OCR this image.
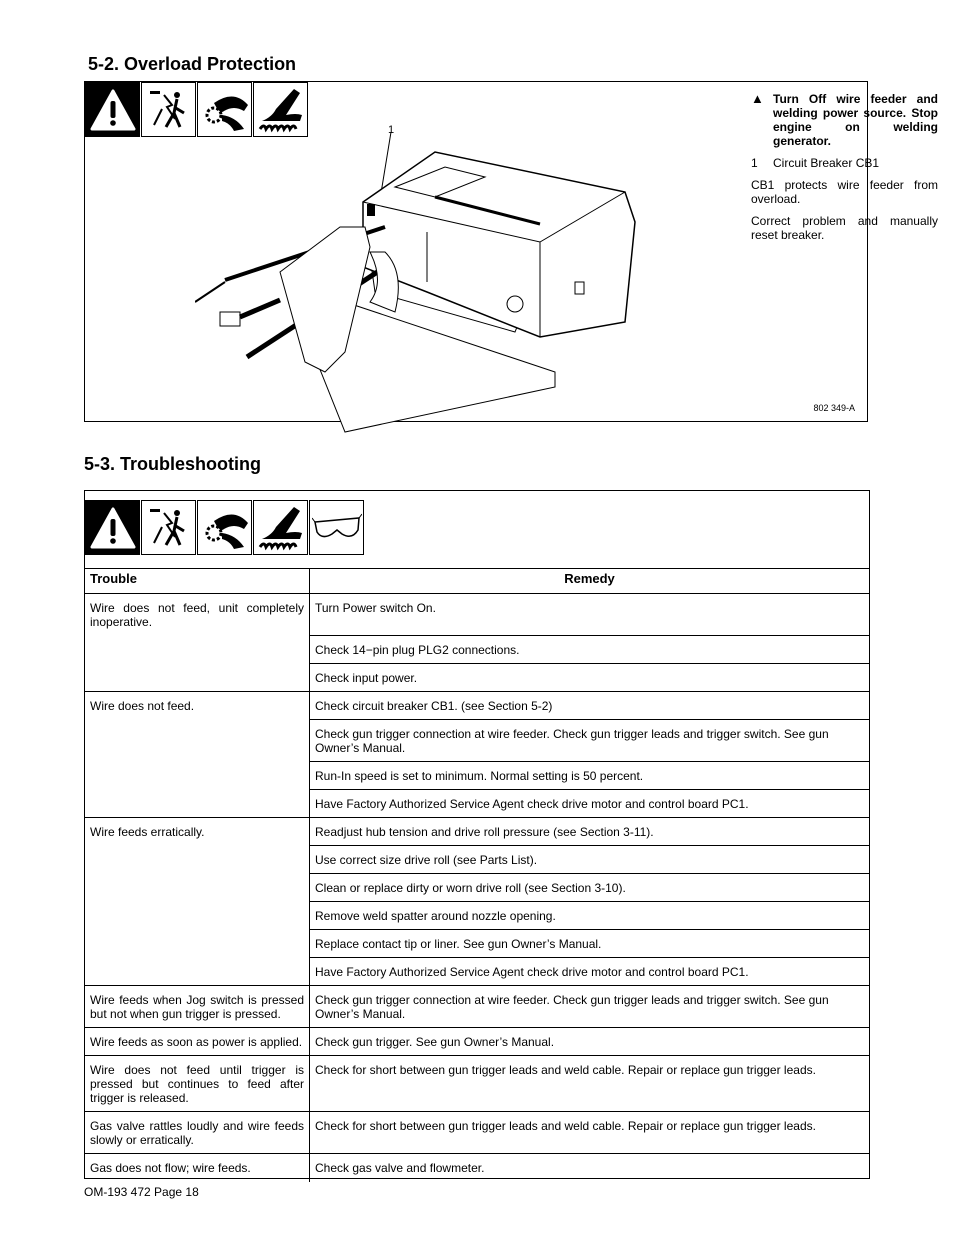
5-2. Overload Protection
1
▲ Turn Off wire feeder and welding power source. Stop engine on welding generator.
1	Circuit Breaker CB1

CB1 protects wire feeder from overload.

Correct problem and manually reset breaker.

802 349-A
5-3. Troubleshooting
Trouble	Remedy
Wire does not feed, unit completely inoperative.	Turn Power switch On.
	Check 14−pin plug PLG2 connections.
	Check input power.
Wire does not feed.	Check circuit breaker CB1. (see Section 5-2)
	Check gun trigger connection at wire feeder. Check gun trigger leads and trigger switch. See gun Owner’s Manual.
	Run-In speed is set to minimum. Normal setting is 50 percent.
	Have Factory Authorized Service Agent check drive motor and control board PC1.
Wire feeds erratically.	Readjust hub tension and drive roll pressure (see Section 3-11).
	Use correct size drive roll (see Parts List).
	Clean or replace dirty or worn drive roll (see Section 3-10).
	Remove weld spatter around nozzle opening.
	Replace contact tip or liner. See gun Owner’s Manual.
	Have Factory Authorized Service Agent check drive motor and control board PC1.
Wire feeds when Jog switch is pressed but not when gun trigger is pressed.	Check gun trigger connection at wire feeder. Check gun trigger leads and trigger switch. See gun Owner’s Manual.
Wire feeds as soon as power is applied.	Check gun trigger. See gun Owner’s Manual.
Wire does not feed until trigger is pressed but continues to feed after trigger is released.	Check for short between gun trigger leads and weld cable. Repair or replace gun trigger leads.
Gas valve rattles loudly and wire feeds slowly or erratically.	Check for short between gun trigger leads and weld cable. Repair or replace gun trigger leads.
Gas does not flow; wire feeds.	Check gas valve and flowmeter.
OM-193 472 Page 18
